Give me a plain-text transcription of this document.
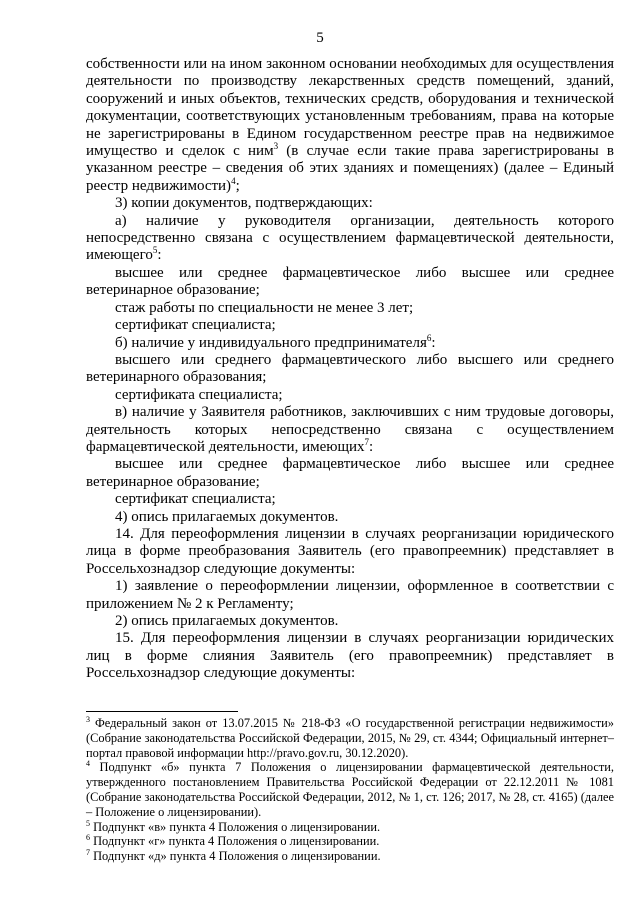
5

собственности или на ином законном основании необходимых для осуществления деятельности по производству лекарственных средств помещений, зданий, сооружений и иных объектов, технических средств, оборудования и технической документации, соответствующих установленным требованиям, права на которые не зарегистрированы в Едином государственном реестре прав на недвижимое имущество и сделок с ним$^3$ (в случае если такие права зарегистрированы в указанном реестре – сведения об этих зданиях и помещениях) (далее – Единый реестр недвижимости)$^4$;

3) копии документов, подтверждающих:

а) наличие у руководителя организации, деятельность которого непосредственно связана с осуществлением фармацевтической деятельности, имеющего$^5$:

высшее или среднее фармацевтическое либо высшее или среднее ветеринарное образование;

стаж работы по специальности не менее 3 лет;

сертификат специалиста;

б) наличие у индивидуального предпринимателя$^6$:

высшего или среднего фармацевтического либо высшего или среднего ветеринарного образования;

сертификата специалиста;

в) наличие у Заявителя работников, заключивших с ним трудовые договоры, деятельность которых непосредственно связана с осуществлением фармацевтической деятельности, имеющих$^7$:

высшее или среднее фармацевтическое либо высшее или среднее ветеринарное образование;

сертификат специалиста;

4) опись прилагаемых документов.

14. Для переоформления лицензии в случаях реорганизации юридического лица в форме преобразования Заявитель (его правопреемник) представляет в Россельхознадзор следующие документы:

1) заявление о переоформлении лицензии, оформленное в соответствии с приложением № 2 к Регламенту;

2) опись прилагаемых документов.

15. Для переоформления лицензии в случаях реорганизации юридических лиц в форме слияния Заявитель (его правопреемник) представляет в Россельхознадзор следующие документы:

$^3$ Федеральный закон от 13.07.2015 № 218-ФЗ «О государственной регистрации недвижимости» (Собрание законодательства Российской Федерации, 2015, № 29, ст. 4344; Официальный интернет–портал правовой информации http://pravo.gov.ru, 30.12.2020).

$^4$ Подпункт «б» пункта 7 Положения о лицензировании фармацевтической деятельности, утвержденного постановлением Правительства Российской Федерации от 22.12.2011 № 1081 (Собрание законодательства Российской Федерации, 2012, № 1, ст. 126; 2017, № 28, ст. 4165) (далее – Положение о лицензировании).

$^5$ Подпункт «в» пункта 4 Положения о лицензировании.

$^6$ Подпункт «г» пункта 4 Положения о лицензировании.

$^7$ Подпункт «д» пункта 4 Положения о лицензировании.
